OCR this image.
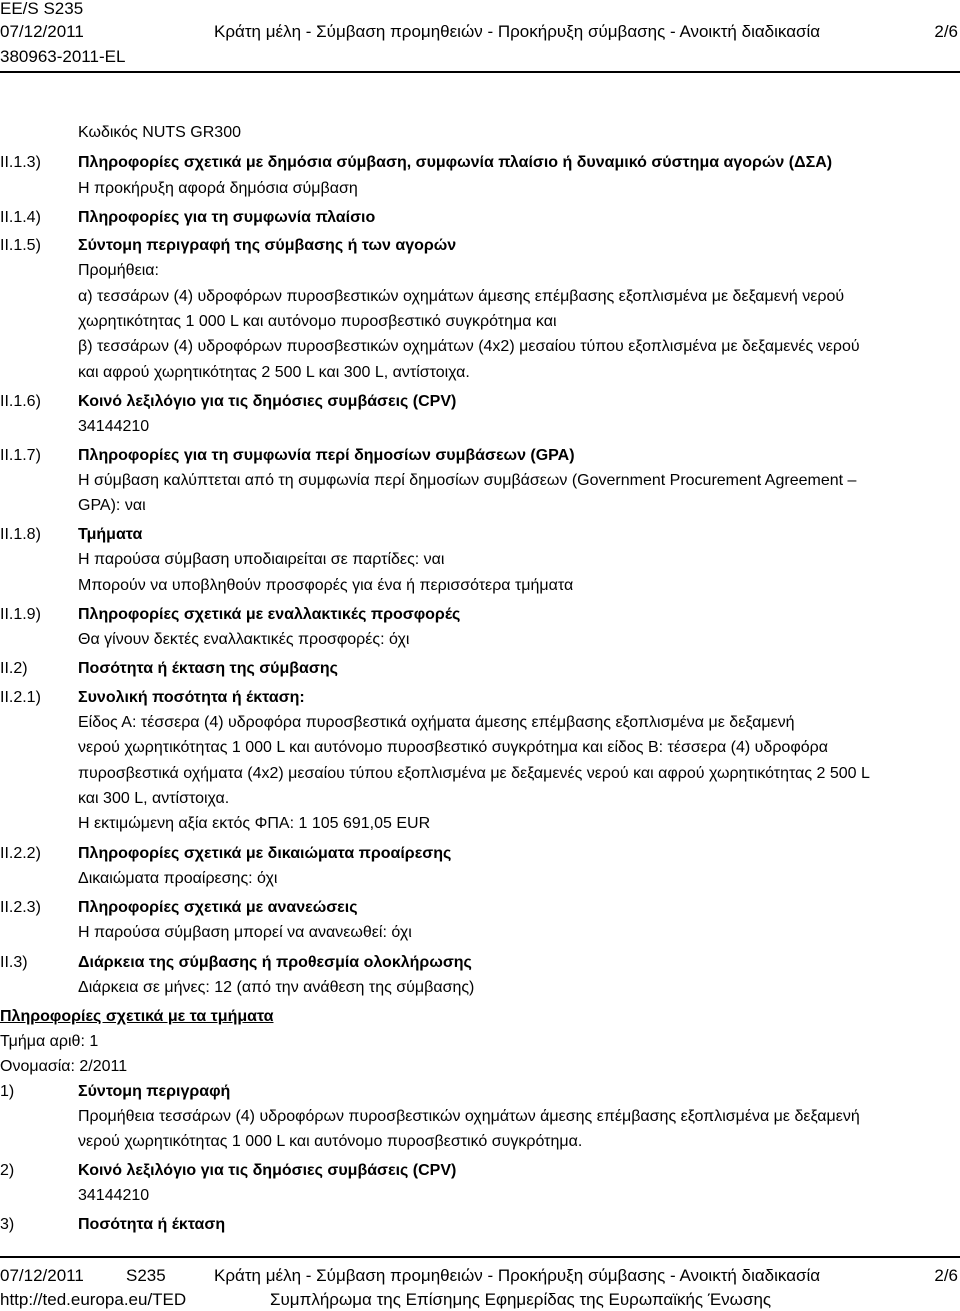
EE/S S235
07/12/2011	Κράτη μέλη - Σύμβαση προμηθειών - Προκήρυξη σύμβασης - Ανοικτή διαδικασία	2/6
380963-2011-EL
Κωδικός NUTS GR300
II.1.3) Πληροφορίες σχετικά με δημόσια σύμβαση, συμφωνία πλαίσιο ή δυναμικό σύστημα αγορών (ΔΣΑ)
Η προκήρυξη αφορά δημόσια σύμβαση
II.1.4) Πληροφορίες για τη συμφωνία πλαίσιο
II.1.5) Σύντομη περιγραφή της σύμβασης ή των αγορών
Προμήθεια:
α) τεσσάρων (4) υδροφόρων πυροσβεστικών οχημάτων άμεσης επέμβασης εξοπλισμένα με δεξαμενή νερού
χωρητικότητας 1 000 L και αυτόνομο πυροσβεστικό συγκρότημα και
β) τεσσάρων (4) υδροφόρων πυροσβεστικών οχημάτων (4x2) μεσαίου τύπου εξοπλισμένα με δεξαμενές νερού
και αφρού χωρητικότητας 2 500 L και 300 L, αντίστοιχα.
II.1.6) Κοινό λεξιλόγιο για τις δημόσιες συμβάσεις (CPV)
34144210
II.1.7) Πληροφορίες για τη συμφωνία περί δημοσίων συμβάσεων (GPA)
Η σύμβαση καλύπτεται από τη συμφωνία περί δημοσίων συμβάσεων (Government Procurement Agreement –
GPA): ναι
II.1.8) Τμήματα
Η παρούσα σύμβαση υποδιαιρείται σε παρτίδες: ναι
Μπορούν να υποβληθούν προσφορές για ένα ή περισσότερα τμήματα
II.1.9) Πληροφορίες σχετικά με εναλλακτικές προσφορές
Θα γίνουν δεκτές εναλλακτικές προσφορές: όχι
II.2)	Ποσότητα ή έκταση της σύμβασης
II.2.1) Συνολική ποσότητα ή έκταση:
Είδος Α: τέσσερα (4) υδροφόρα πυροσβεστικά οχήματα άμεσης επέμβασης εξοπλισμένα με δεξαμενή
νερού χωρητικότητας 1 000 L και αυτόνομο πυροσβεστικό συγκρότημα και είδος Β: τέσσερα (4) υδροφόρα
πυροσβεστικά οχήματα (4x2) μεσαίου τύπου εξοπλισμένα με δεξαμενές νερού και αφρού χωρητικότητας 2 500 L
και 300 L, αντίστοιχα.
Η εκτιμώμενη αξία εκτός ΦΠΑ: 1 105 691,05 EUR
II.2.2) Πληροφορίες σχετικά με δικαιώματα προαίρεσης
Δικαιώματα προαίρεσης: όχι
II.2.3) Πληροφορίες σχετικά με ανανεώσεις
Η παρούσα σύμβαση μπορεί να ανανεωθεί: όχι
II.3)	Διάρκεια της σύμβασης ή προθεσμία ολοκλήρωσης
Διάρκεια σε μήνες: 12 (από την ανάθεση της σύμβασης)
Πληροφορίες σχετικά με τα τμήματα
Τμήμα αριθ: 1
Ονομασία: 2/2011
1)	Σύντομη περιγραφή
Προμήθεια τεσσάρων (4) υδροφόρων πυροσβεστικών οχημάτων άμεσης επέμβασης εξοπλισμένα με δεξαμενή
νερού χωρητικότητας 1 000 L και αυτόνομο πυροσβεστικό συγκρότημα.
2)	Κοινό λεξιλόγιο για τις δημόσιες συμβάσεις (CPV)
34144210
3)	Ποσότητα ή έκταση
07/12/2011 S235	Κράτη μέλη - Σύμβαση προμηθειών - Προκήρυξη σύμβασης - Ανοικτή διαδικασία	2/6
http://ted.europa.eu/TED	Συμπλήρωμα της Επίσημης Εφημερίδας της Ευρωπαϊκής Ένωσης
